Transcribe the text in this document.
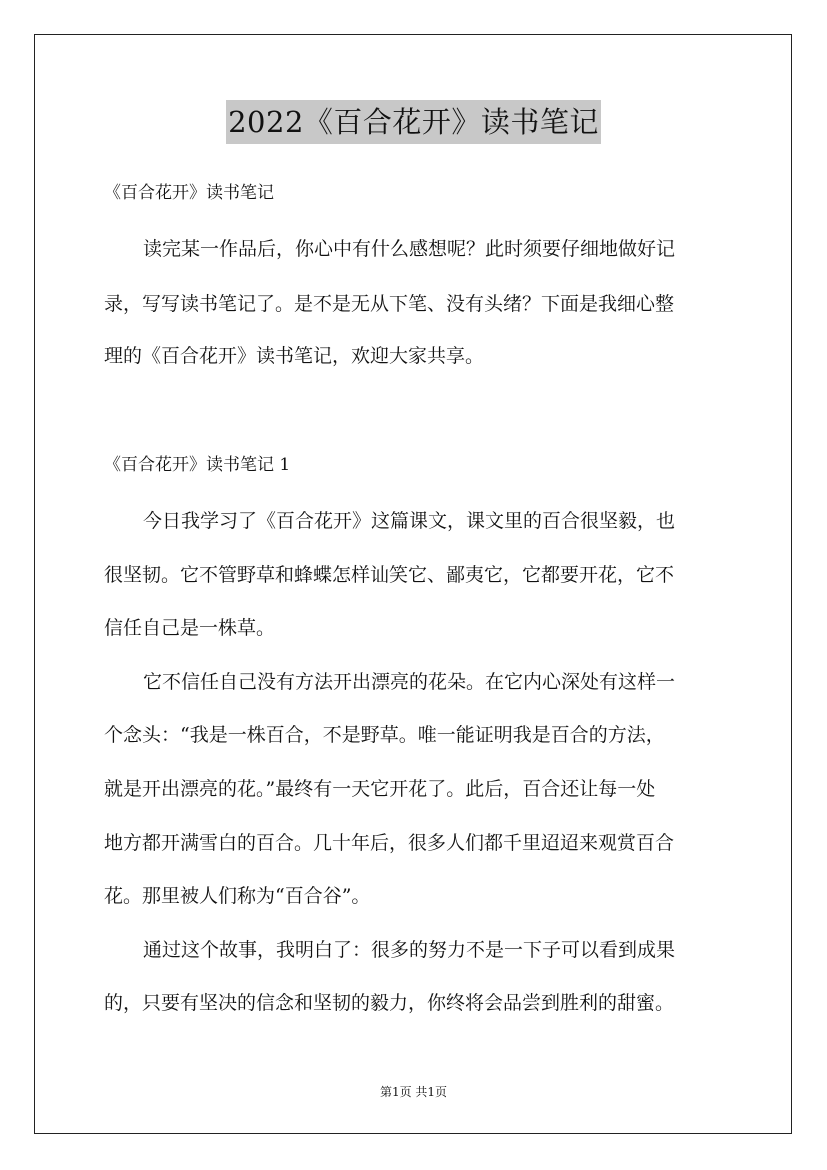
2022《百合花开》读书笔记
《百合花开》读书笔记
读完某一作品后，你心中有什么感想呢？此时须要仔细地做好记
录，写写读书笔记了。是不是无从下笔、没有头绪？下面是我细心整
理的《百合花开》读书笔记，欢迎大家共享。
《百合花开》读书笔记 1
今日我学习了《百合花开》这篇课文，课文里的百合很坚毅，也
很坚韧。它不管野草和蜂蝶怎样讪笑它、鄙夷它，它都要开花，它不
信任自己是一株草。
它不信任自己没有方法开出漂亮的花朵。在它内心深处有这样一
个念头：“我是一株百合，不是野草。唯一能证明我是百合的方法，
就是开出漂亮的花。”最终有一天它开花了。此后，百合还让每一处
地方都开满雪白的百合。几十年后，很多人们都千里迢迢来观赏百合
花。那里被人们称为“百合谷”。
通过这个故事，我明白了：很多的努力不是一下子可以看到成果
的，只要有坚决的信念和坚韧的毅力，你终将会品尝到胜利的甜蜜。
第1页 共1页
